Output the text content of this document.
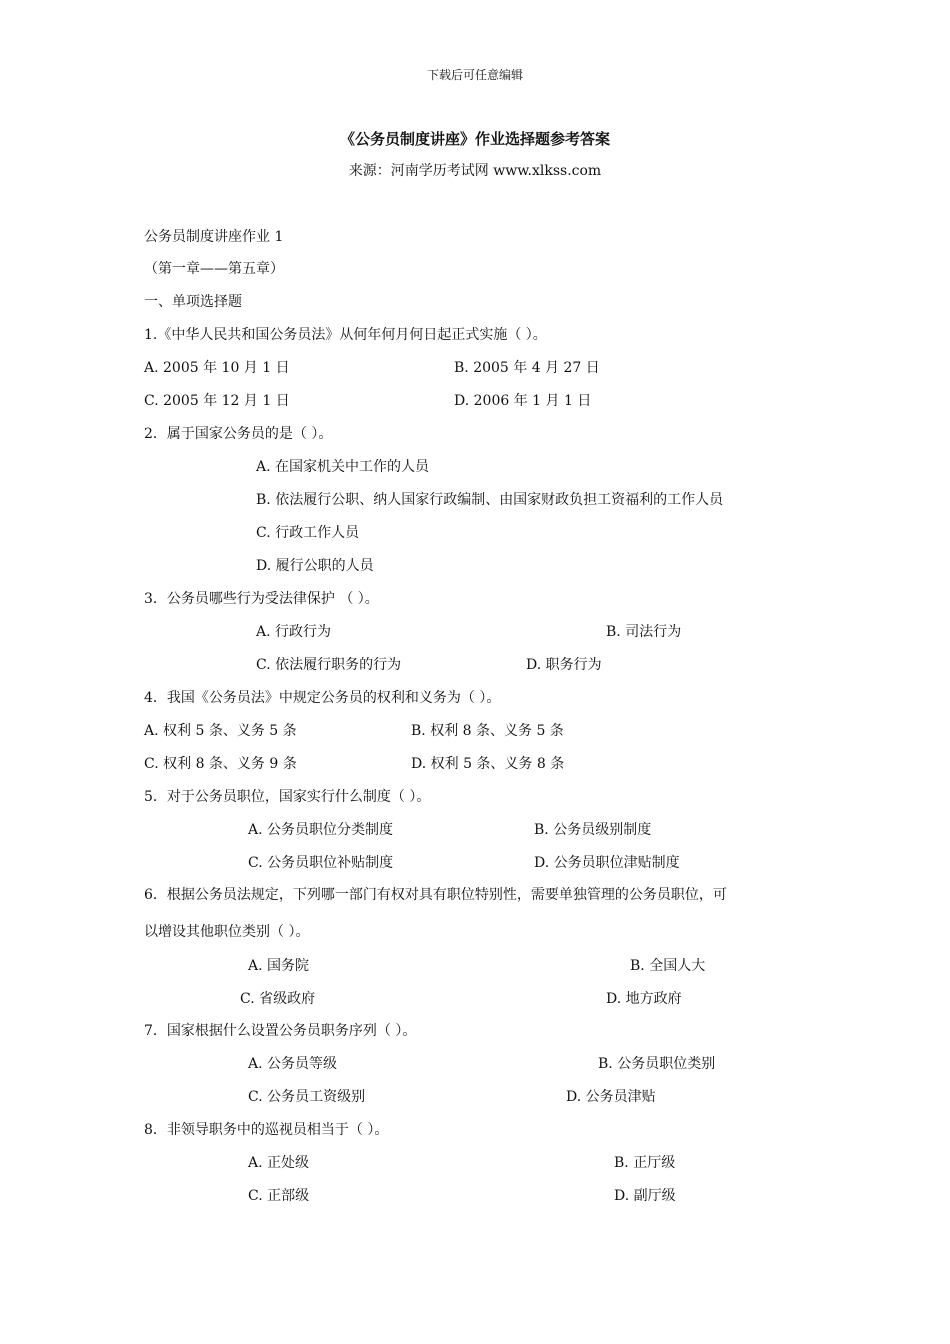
下载后可任意编辑
《公务员制度讲座》作业选择题参考答案
来源：河南学历考试网 www.xlkss.com
公务员制度讲座作业 1
（第一章——第五章）
一、单项选择题
1.《中华人民共和国公务员法》从何年何月何日起正式实施（ ）。
A. 2005 年 10 月 1 日	B. 2005 年 4 月 27 日
C. 2005 年 12 月 1 日	D. 2006 年 1 月 1 日
2．属于国家公务员的是（ ）。
A. 在国家机关中工作的人员
B. 依法履行公职、纳人国家行政编制、由国家财政负担工资福利的工作人员
C. 行政工作人员
D. 履行公职的人员
3．公务员哪些行为受法律保护 （ ）。
A. 行政行为	B. 司法行为
C. 依法履行职务的行为	D. 职务行为
4．我国《公务员法》中规定公务员的权利和义务为（ ）。
A. 权利 5 条、义务 5 条	B. 权利 8 条、义务 5 条
C. 权利 8 条、义务 9 条	D. 权利 5 条、义务 8 条
5．对于公务员职位，国家实行什么制度（ ）。
A. 公务员职位分类制度	B. 公务员级别制度
C. 公务员职位补贴制度	D. 公务员职位津贴制度
6．根据公务员法规定，下列哪一部门有权对具有职位特别性，需要单独管理的公务员职位，可
以增设其他职位类别（ ）。
A. 国务院	B. 全国人大
C. 省级政府	D. 地方政府
7．国家根据什么设置公务员职务序列（ ）。
A. 公务员等级	B. 公务员职位类别
C. 公务员工资级别	D. 公务员津贴
8．非领导职务中的巡视员相当于（ ）。
A. 正处级	B. 正厅级
C. 正部级	D. 副厅级
